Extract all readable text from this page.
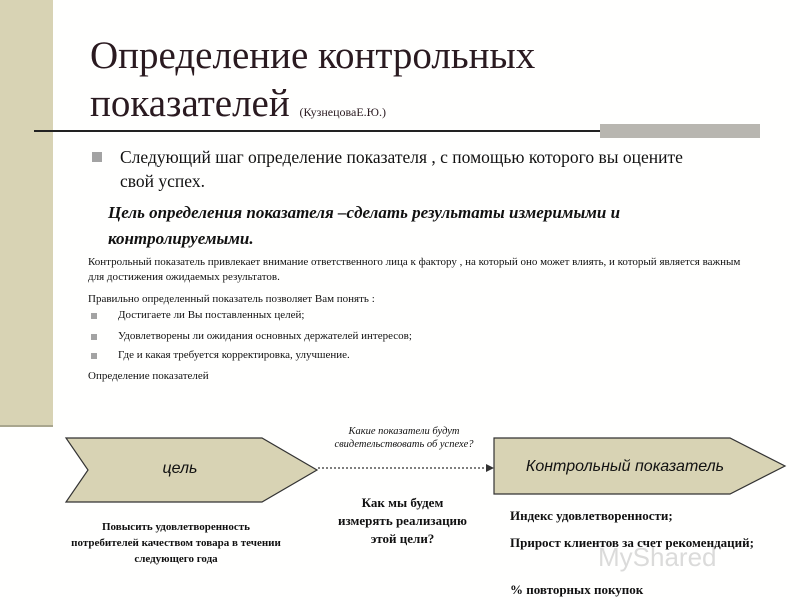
Определение контрольных показателей (КузнецоваЕ.Ю.)
Следующий шаг определение показателя , с помощью которого вы оцените свой успех.
Цель определения показателя –сделать результаты измеримыми и контролируемыми.
Контрольный показатель привлекает внимание ответственного лица к фактору , на который оно может влиять, и который является важным для достижения ожидаемых результатов.
Правильно определенный показатель позволяет Вам понять :
Достигаете ли Вы поставленных целей;
Удовлетворены ли ожидания основных держателей интересов;
Где и какая требуется корректировка, улучшение.
Определение показателей
цель	Контрольный показатель
Какие показатели будут свидетельствовать об успехе?
Повысить удовлетворенность потребителей качеством товара в течении следующего года
Как мы будем измерять реализацию этой цели?
Индекс удовлетворенности;
Прирост клиентов за счет рекомендаций;
% повторных покупок
MyShared
